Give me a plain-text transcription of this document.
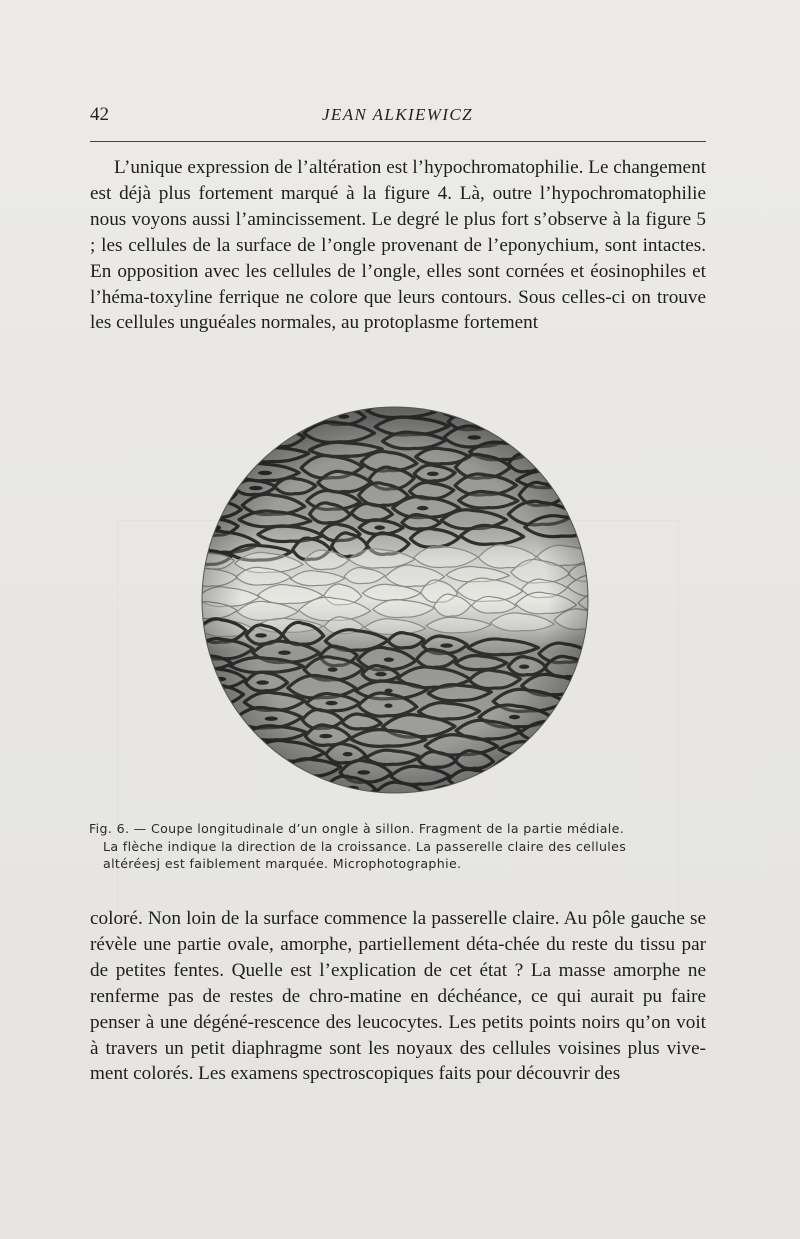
42	JEAN ALKIEWICZ

L’unique expression de l’altération est l’hypochromatophilie. Le changement est déjà plus fortement marqué à la figure 4. Là, outre l’hypochromatophilie nous voyons aussi l’amincissement. Le degré le plus fort s’observe à la figure 5 ; les cellules de la surface de l’ongle provenant de l’eponychium, sont intactes. En opposition avec les cellules de l’ongle, elles sont cornées et éosinophiles et l’héma-toxyline ferrique ne colore que leurs contours. Sous celles-ci on trouve les cellules unguéales normales, au protoplasme fortement

Fig. 6. — Coupe longitudinale d’un ongle à sillon. Fragment de la partie médiale.
La flèche indique la direction de la croissance. La passerelle claire des cellules
altéréesj est faiblement marquée. Microphotographie.

coloré. Non loin de la surface commence la passerelle claire. Au pôle gauche se révèle une partie ovale, amorphe, partiellement déta-chée du reste du tissu par de petites fentes. Quelle est l’explication de cet état ? La masse amorphe ne renferme pas de restes de chro-matine en déchéance, ce qui aurait pu faire penser à une dégéné-rescence des leucocytes. Les petits points noirs qu’on voit à travers un petit diaphragme sont les noyaux des cellules voisines plus vive-ment colorés. Les examens spectroscopiques faits pour découvrir des
